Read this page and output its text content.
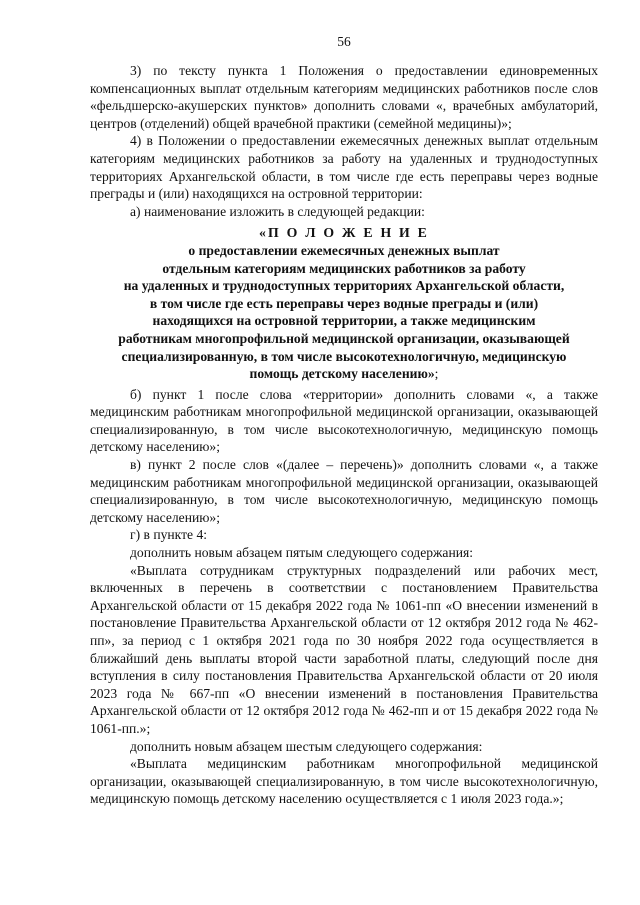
56

3) по тексту пункта 1 Положения о предоставлении единовременных компенсационных выплат отдельным категориям медицинских работников после слов «фельдшерско-акушерских пунктов» дополнить словами «, врачебных амбулаторий, центров (отделений) общей врачебной практики (семейной медицины)»;

4) в Положении о предоставлении ежемесячных денежных выплат отдельным категориям медицинских работников за работу на удаленных и труднодоступных территориях Архангельской области, в том числе где есть переправы через водные преграды и (или) находящихся на островной территории:

а) наименование изложить в следующей редакции:

«П О Л О Ж Е Н И Е
о предоставлении ежемесячных денежных выплат
отдельным категориям медицинских работников за работу
на удаленных и труднодоступных территориях Архангельской области,
в том числе где есть переправы через водные преграды и (или)
находящихся на островной территории, а также медицинским
работникам многопрофильной медицинской организации, оказывающей
специализированную, в том числе высокотехнологичную, медицинскую
помощь детскому населению»;

б) пункт 1 после слова «территории» дополнить словами «, а также медицинским работникам многопрофильной медицинской организации, оказывающей специализированную, в том числе высокотехнологичную, медицинскую помощь детскому населению»;

в) пункт 2 после слов «(далее – перечень)» дополнить словами «, а также медицинским работникам многопрофильной медицинской организации, оказывающей специализированную, в том числе высокотехнологичную, медицинскую помощь детскому населению»;

г) в пункте 4:

дополнить новым абзацем пятым следующего содержания:

«Выплата сотрудникам структурных подразделений или рабочих мест, включенных в перечень в соответствии с постановлением Правительства Архангельской области от 15 декабря 2022 года № 1061-пп «О внесении изменений в постановление Правительства Архангельской области от 12 октября 2012 года № 462-пп», за период с 1 октября 2021 года по 30 ноября 2022 года осуществляется в ближайший день выплаты второй части заработной платы, следующий после дня вступления в силу постановления Правительства Архангельской области от 20 июля 2023 года № 667-пп «О внесении изменений в постановления Правительства Архангельской области от 12 октября 2012 года № 462-пп и от 15 декабря 2022 года № 1061-пп.»;

дополнить новым абзацем шестым следующего содержания:

«Выплата медицинским работникам многопрофильной медицинской организации, оказывающей специализированную, в том числе высокотехнологичную, медицинскую помощь детскому населению осуществляется с 1 июля 2023 года.»;
